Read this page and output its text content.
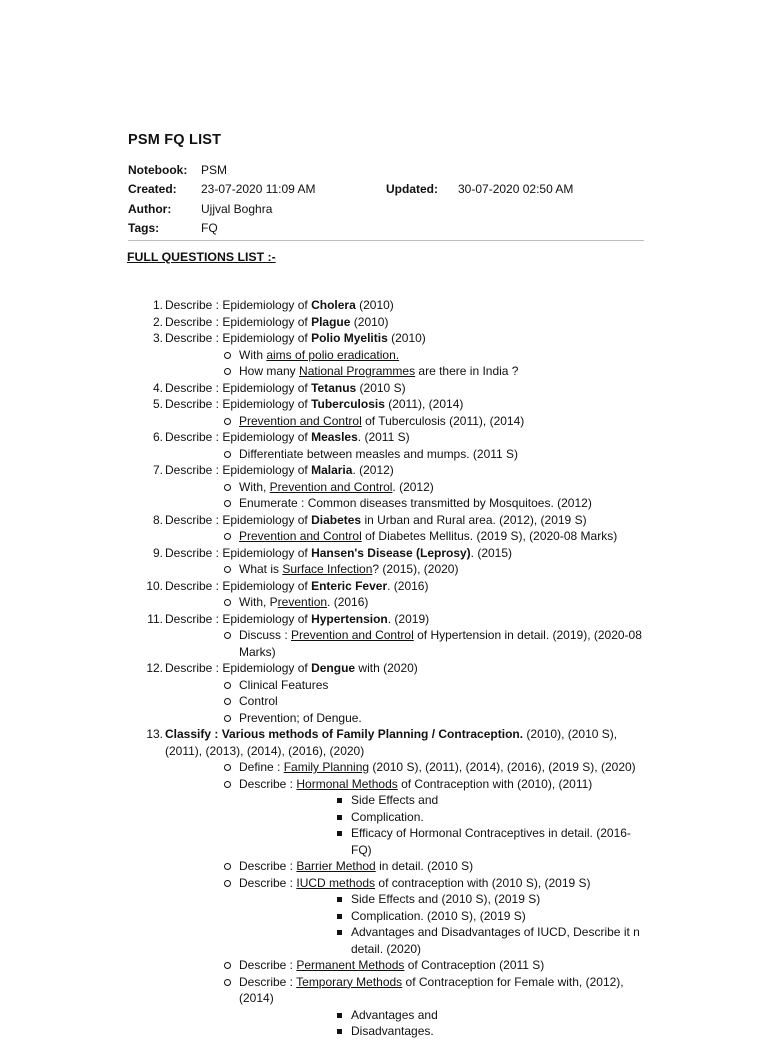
PSM FQ LIST
Notebook:	PSM
Created:	23-07-2020 11:09 AM	Updated:	30-07-2020 02:50 AM
Author:	Ujjval Boghra
Tags:	FQ
FULL QUESTIONS LIST :-
1. Describe : Epidemiology of Cholera (2010)
2. Describe : Epidemiology of Plague (2010)
3. Describe : Epidemiology of Polio Myelitis (2010)
With aims of polio eradication.
How many National Programmes are there in India ?
4. Describe : Epidemiology of Tetanus (2010 S)
5. Describe : Epidemiology of Tuberculosis (2011), (2014)
Prevention and Control of Tuberculosis (2011), (2014)
6. Describe : Epidemiology of Measles. (2011 S)
Differentiate between measles and mumps. (2011 S)
7. Describe : Epidemiology of Malaria. (2012)
With, Prevention and Control. (2012)
Enumerate : Common diseases transmitted by Mosquitoes. (2012)
8. Describe : Epidemiology of Diabetes in Urban and Rural area. (2012), (2019 S)
Prevention and Control of Diabetes Mellitus. (2019 S), (2020-08 Marks)
9. Describe : Epidemiology of Hansen's Disease (Leprosy). (2015)
What is Surface Infection? (2015), (2020)
10. Describe : Epidemiology of Enteric Fever. (2016)
With, Prevention. (2016)
11. Describe : Epidemiology of Hypertension. (2019)
Discuss : Prevention and Control of Hypertension in detail. (2019), (2020-08
Marks)
12. Describe : Epidemiology of Dengue with (2020)
Clinical Features
Control
Prevention; of Dengue.
13. Classify : Various methods of Family Planning / Contraception. (2010), (2010 S),
(2011), (2013), (2014), (2016), (2020)
Define : Family Planning (2010 S), (2011), (2014), (2016), (2019 S), (2020)
Describe : Hormonal Methods of Contraception with (2010), (2011)
Side Effects and
Complication.
Efficacy of Hormonal Contraceptives in detail. (2016-FQ)
Describe : Barrier Method in detail. (2010 S)
Describe : IUCD methods of contraception with (2010 S), (2019 S)
Side Effects and (2010 S), (2019 S)
Complication. (2010 S), (2019 S)
Advantages and Disadvantages of IUCD, Describe it n detail. (2020)
Describe : Permanent Methods of Contraception (2011 S)
Describe : Temporary Methods of Contraception for Female with, (2012), (2014)
Advantages and
Disadvantages.
